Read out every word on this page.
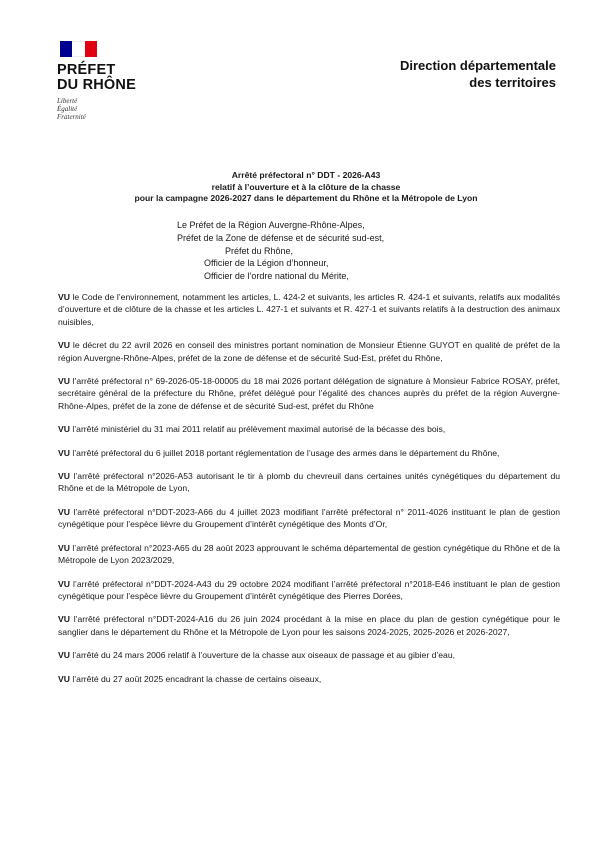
PRÉFET
DU RHÔNE
Liberté
Égalité
Fraternité
Direction départementale
des territoires
Arrêté préfectoral n° DDT - 2026-A43
relatif à l’ouverture et à la clôture de la chasse
pour la campagne 2026-2027 dans le département du Rhône et la Métropole de Lyon
Le Préfet de la Région Auvergne-Rhône-Alpes,
Préfet de la Zone de défense et de sécurité sud-est,
Préfet du Rhône,
Officier de la Légion d’honneur,
Officier de l’ordre national du Mérite,

VU le Code de l’environnement, notamment les articles, L. 424-2 et suivants, les articles R. 424-1 et suivants, relatifs aux modalités d’ouverture et de clôture de la chasse et les articles L. 427-1 et suivants et R. 427-1 et suivants relatifs à la destruction des animaux nuisibles,

VU le décret du 22 avril 2026 en conseil des ministres portant nomination de Monsieur Étienne GUYOT en qualité de préfet de la région Auvergne-Rhône-Alpes, préfet de la zone de défense et de sécurité Sud-Est, préfet du Rhône,

VU l’arrêté préfectoral n° 69-2026-05-18-00005 du 18 mai 2026 portant délégation de signature à Monsieur Fabrice ROSAY, préfet, secrétaire général de la préfecture du Rhône, préfet délégué pour l’égalité des chances auprès du préfet de la région Auvergne-Rhône-Alpes, préfet de la zone de défense et de sécurité Sud-est, préfet du Rhône

VU l’arrêté ministériel du 31 mai 2011 relatif au prélèvement maximal autorisé de la bécasse des bois,

VU l’arrêté préfectoral du 6 juillet 2018 portant réglementation de l’usage des armes dans le département du Rhône,

VU l’arrêté préfectoral n°2026-A53 autorisant le tir à plomb du chevreuil dans certaines unités cynégétiques du département du Rhône et de la Métropole de Lyon,

VU l’arrêté préfectoral n°DDT-2023-A66 du 4 juillet 2023 modifiant l’arrêté préfectoral n° 2011-4026 instituant le plan de gestion cynégétique pour l’espèce lièvre du Groupement d’intérêt cynégétique des Monts d’Or,

VU l’arrêté préfectoral n°2023-A65 du 28 août 2023 approuvant le schéma départemental de gestion cynégétique du Rhône et de la Métropole de Lyon 2023/2029,

VU l’arrêté préfectoral n°DDT-2024-A43 du 29 octobre 2024 modifiant l’arrêté préfectoral n°2018-E46 instituant le plan de gestion cynégétique pour l’espèce lièvre du Groupement d’intérêt cynégétique des Pierres Dorées,

VU l’arrêté préfectoral n°DDT-2024-A16 du 26 juin 2024 procédant à la mise en place du plan de gestion cynégétique pour le sanglier dans le département du Rhône et la Métropole de Lyon pour les saisons 2024-2025, 2025-2026 et 2026-2027,

VU l’arrêté du 24 mars 2006 relatif à l’ouverture de la chasse aux oiseaux de passage et au gibier d’eau,

VU l’arrêté du 27 août 2025 encadrant la chasse de certains oiseaux,
